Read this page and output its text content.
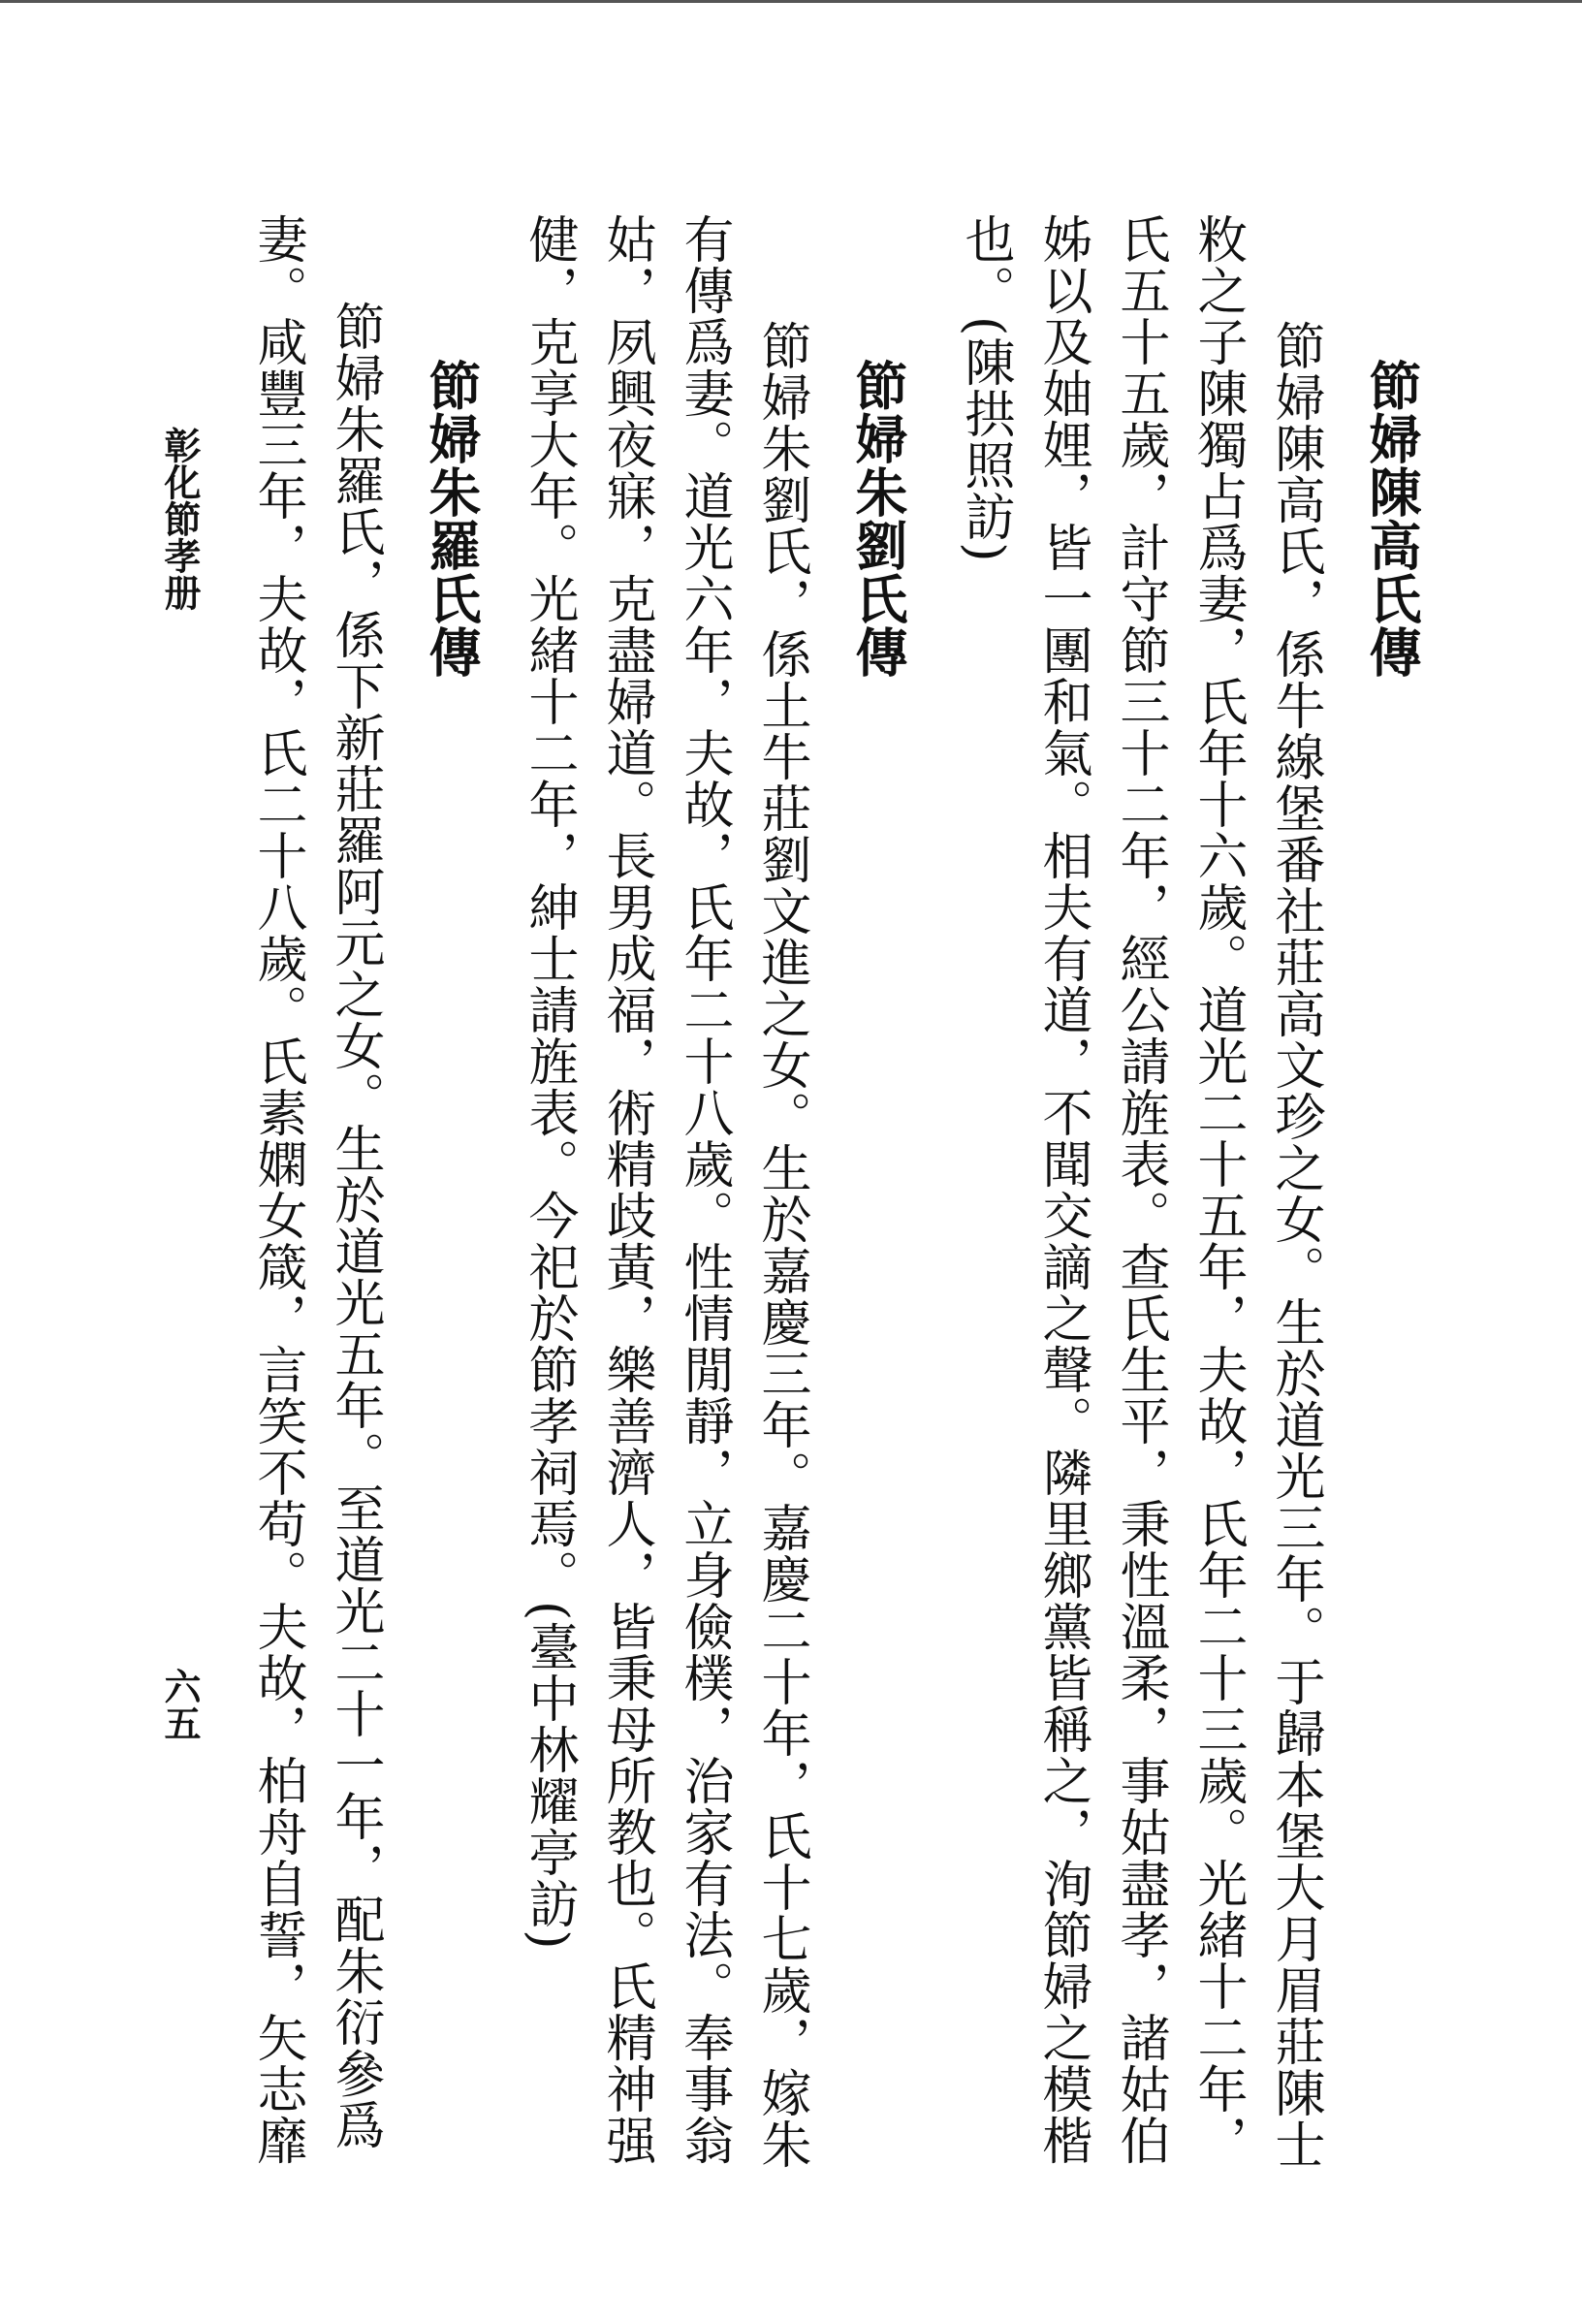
節婦陳高氏傳
節婦陳高氏，係牛線堡番社莊高文珍之女。生於道光三年。于歸本堡大月眉莊陳士
敉之子陳獨占爲妻，氏年十六歲。道光二十五年，夫故，氏年二十三歲。光緒十二年，
氏五十五歲，計守節三十二年，經公請旌表。查氏生平，秉性溫柔，事姑盡孝，諸姑伯
姊以及妯娌，皆一團和氣。相夫有道，不聞交謫之聲。隣里鄉黨皆稱之，洵節婦之模楷
也。(陳拱照訪)
節婦朱劉氏傳
節婦朱劉氏，係土牛莊劉文進之女。生於嘉慶三年。嘉慶二十年，氏十七歲，嫁朱
有傳爲妻。道光六年，夫故，氏年二十八歲。性情閒靜，立身儉樸，治家有法。奉事翁
姑，夙興夜寐，克盡婦道。長男成福，術精歧黃，樂善濟人，皆秉母所教也。氏精神强
健，克享大年。光緒十二年，紳士請旌表。今祀於節孝祠焉。(臺中林耀亭訪)
節婦朱羅氏傳
節婦朱羅氏，係下新莊羅阿元之女。生於道光五年。至道光二十一年，配朱衍參爲
妻。咸豐三年，夫故，氏二十八歲。氏素嫻女箴，言笑不苟。夫故，柏舟自誓，矢志靡
六五
彰化節孝册
